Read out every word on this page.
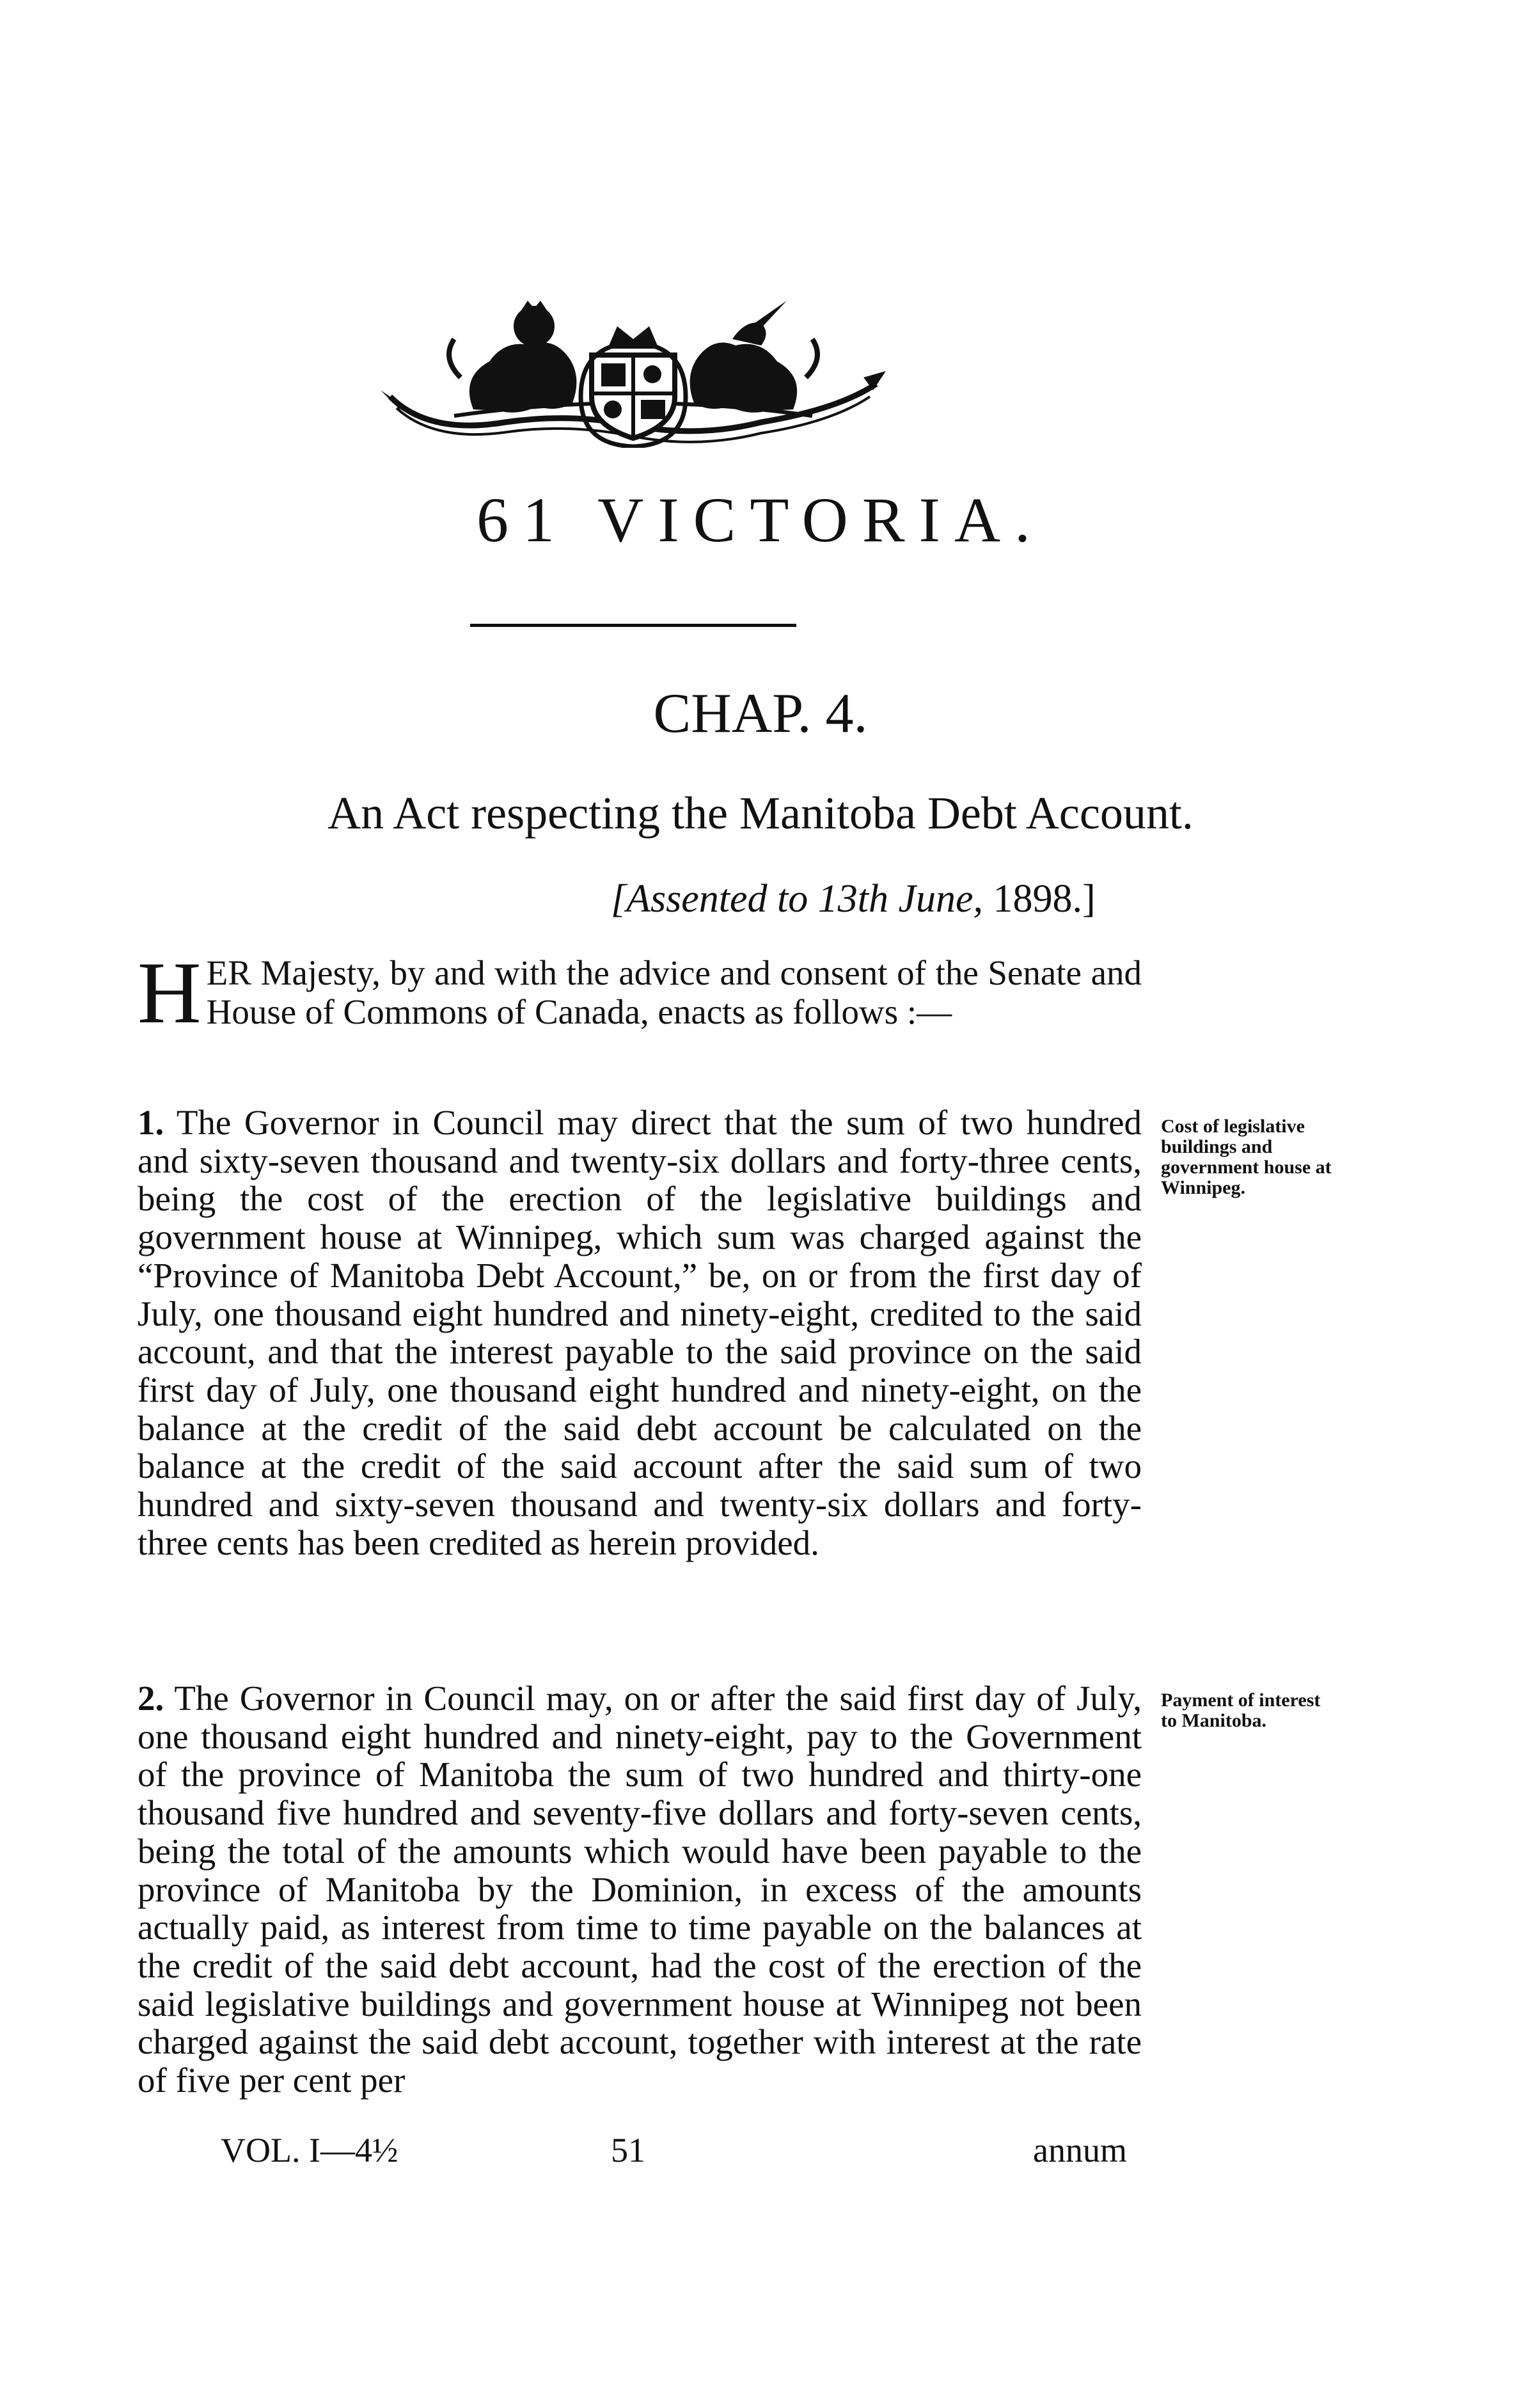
61 VICTORIA.
CHAP. 4.
An Act respecting the Manitoba Debt Account.
[Assented to 13th June, 1898.]
HER Majesty, by and with the advice and consent of the Senate and House of Commons of Canada, enacts as follows :—
1. The Governor in Council may direct that the sum of two hundred and sixty-seven thousand and twenty-six dollars and forty-three cents, being the cost of the erection of the legislative buildings and government house at Winnipeg, which sum was charged against the “Province of Manitoba Debt Account,” be, on or from the first day of July, one thousand eight hundred and ninety-eight, credited to the said account, and that the interest payable to the said province on the said first day of July, one thousand eight hundred and ninety-eight, on the balance at the credit of the said debt account be calculated on the balance at the credit of the said account after the said sum of two hundred and sixty-seven thousand and twenty-six dollars and forty-three cents has been credited as herein provided.
Cost of legislative buildings and government house at Winnipeg.
2. The Governor in Council may, on or after the said first day of July, one thousand eight hundred and ninety-eight, pay to the Government of the province of Manitoba the sum of two hundred and thirty-one thousand five hundred and seventy-five dollars and forty-seven cents, being the total of the amounts which would have been payable to the province of Manitoba by the Dominion, in excess of the amounts actually paid, as interest from time to time payable on the balances at the credit of the said debt account, had the cost of the erection of the said legislative buildings and government house at Winnipeg not been charged against the said debt account, together with interest at the rate of five per cent per
Payment of interest to Manitoba.
VOL. I—4½	51	annum
